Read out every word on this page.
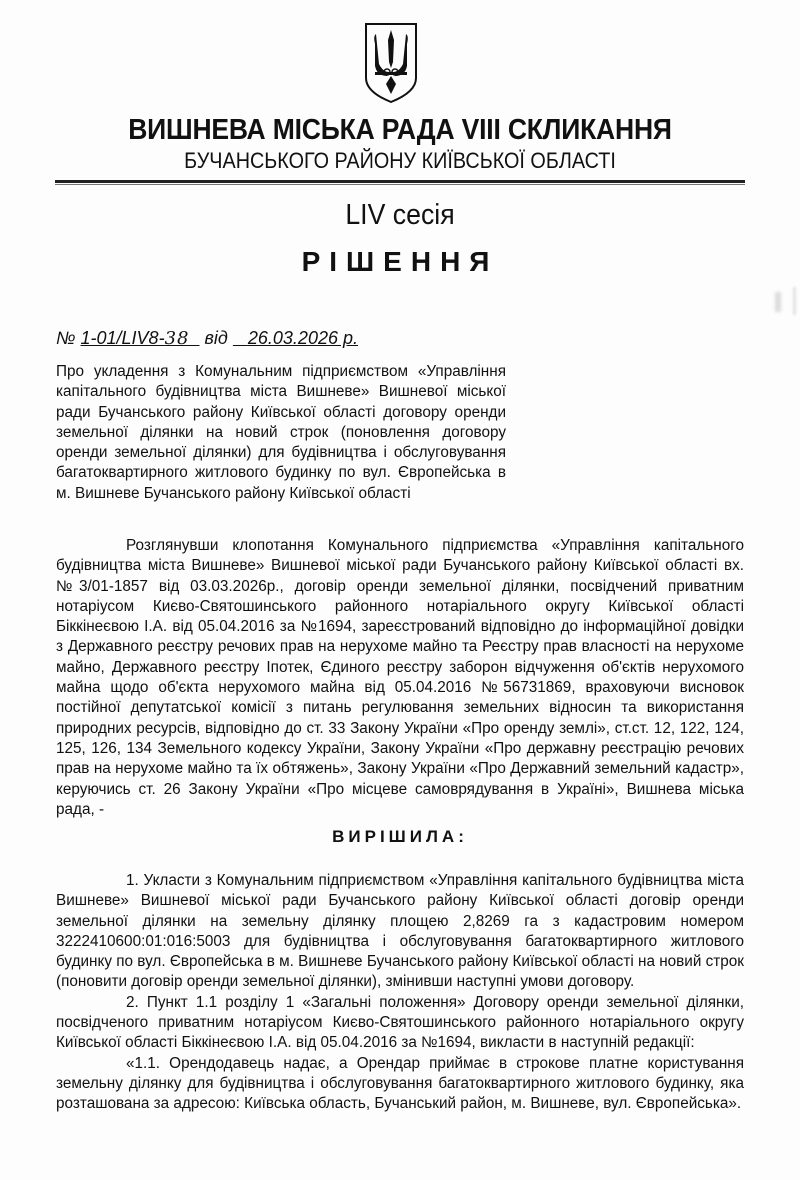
ВИШНЕВА МІСЬКА РАДА VIII СКЛИКАННЯ
БУЧАНСЬКОГО РАЙОНУ КИЇВСЬКОЇ ОБЛАСТІ
LIV сесія
РІШЕННЯ
№ 1-01/LIV8-38 від 26.03.2026 р.
Про укладення з Комунальним підприємством «Управління капітального будівництва міста Вишневе» Вишневої міської ради Бучанського району Київської області договору оренди земельної ділянки на новий строк (поновлення договору оренди земельної ділянки) для будівництва і обслуговування багатоквартирного житлового будинку по вул. Європейська в м. Вишневе Бучанського району Київської області

Розглянувши клопотання Комунального підприємства «Управління капітального будівництва міста Вишневе» Вишневої міської ради Бучанського району Київської області вх.№3/01-1857 від 03.03.2026р., договір оренди земельної ділянки, посвідчений приватним нотаріусом Києво-Святошинського районного нотаріального округу Київської області Біккінеєвою І.А. від 05.04.2016 за №1694, зареєстрований відповідно до інформаційної довідки з Державного реєстру речових прав на нерухоме майно та Реєстру прав власності на нерухоме майно, Державного реєстру Іпотек, Єдиного реєстру заборон відчуження об'єктів нерухомого майна щодо об'єкта нерухомого майна від 05.04.2016 №56731869, враховуючи висновок постійної депутатської комісії з питань регулювання земельних відносин та використання природних ресурсів, відповідно до ст. 33 Закону України «Про оренду землі», ст.ст. 12, 122, 124, 125, 126, 134 Земельного кодексу України, Закону України «Про державну реєстрацію речових прав на нерухоме майно та їх обтяжень», Закону України «Про Державний земельний кадастр», керуючись ст. 26 Закону України «Про місцеве самоврядування в Україні», Вишнева міська рада, -

ВИРІШИЛА:

1. Укласти з Комунальним підприємством «Управління капітального будівництва міста Вишневе» Вишневої міської ради Бучанського району Київської області договір оренди земельної ділянки на земельну ділянку площею 2,8269 га з кадастровим номером 3222410600:01:016:5003 для будівництва і обслуговування багатоквартирного житлового будинку по вул. Європейська в м. Вишневе Бучанського району Київської області на новий строк (поновити договір оренди земельної ділянки), змінивши наступні умови договору.

2. Пункт 1.1 розділу 1 «Загальні положення» Договору оренди земельної ділянки, посвідченого приватним нотаріусом Києво-Святошинського районного нотаріального округу Київської області Біккінеєвою І.А. від 05.04.2016 за №1694, викласти в наступній редакції:

«1.1. Орендодавець надає, а Орендар приймає в строкове платне користування земельну ділянку для будівництва і обслуговування багатоквартирного житлового будинку, яка розташована за адресою: Київська область, Бучанський район, м. Вишневе, вул. Європейська».
